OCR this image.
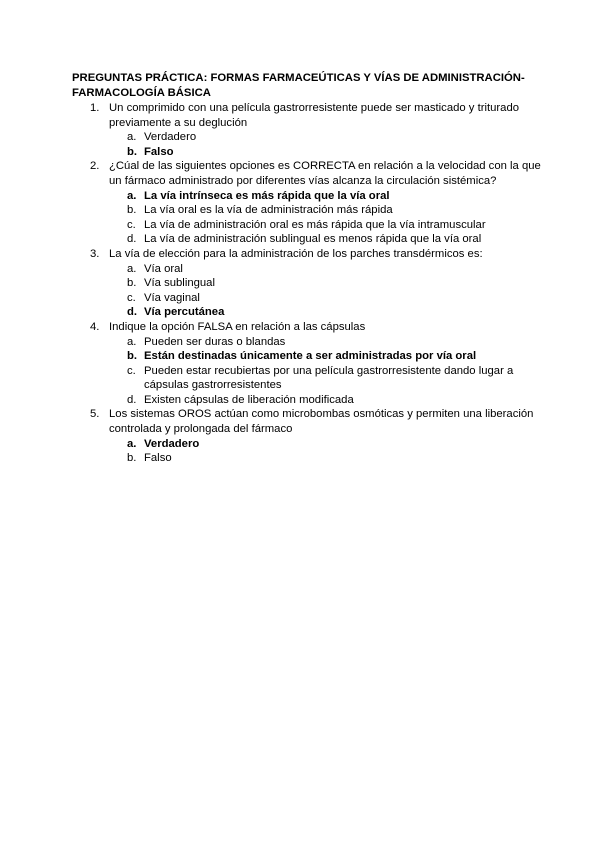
PREGUNTAS PRÁCTICA: FORMAS FARMACEÚTICAS Y VÍAS DE ADMINISTRACIÓN-FARMACOLOGÍA BÁSICA
1. Un comprimido con una película gastrorresistente puede ser masticado y triturado previamente a su deglución
a. Verdadero
b. Falso
2. ¿Cúal de las siguientes opciones es CORRECTA en relación a la velocidad con la que un fármaco administrado por diferentes vías alcanza la circulación sistémica?
a. La vía intrínseca es más rápida que la vía oral
b. La vía oral es la vía de administración más rápida
c. La vía de administración oral es más rápida que la vía intramuscular
d. La vía de administración sublingual es menos rápida que la vía oral
3. La vía de elección para la administración de los parches transdérmicos es:
a. Vía oral
b. Vía sublingual
c. Vía vaginal
d. Vía percutánea
4. Indique la opción FALSA en relación a las cápsulas
a. Pueden ser duras o blandas
b. Están destinadas únicamente a ser administradas por vía oral
c. Pueden estar recubiertas por una película gastrorresistente dando lugar a cápsulas gastrorresistentes
d. Existen cápsulas de liberación modificada
5. Los sistemas OROS actúan como microbombas osmóticas y permiten una liberación controlada y prolongada del fármaco
a. Verdadero
b. Falso
